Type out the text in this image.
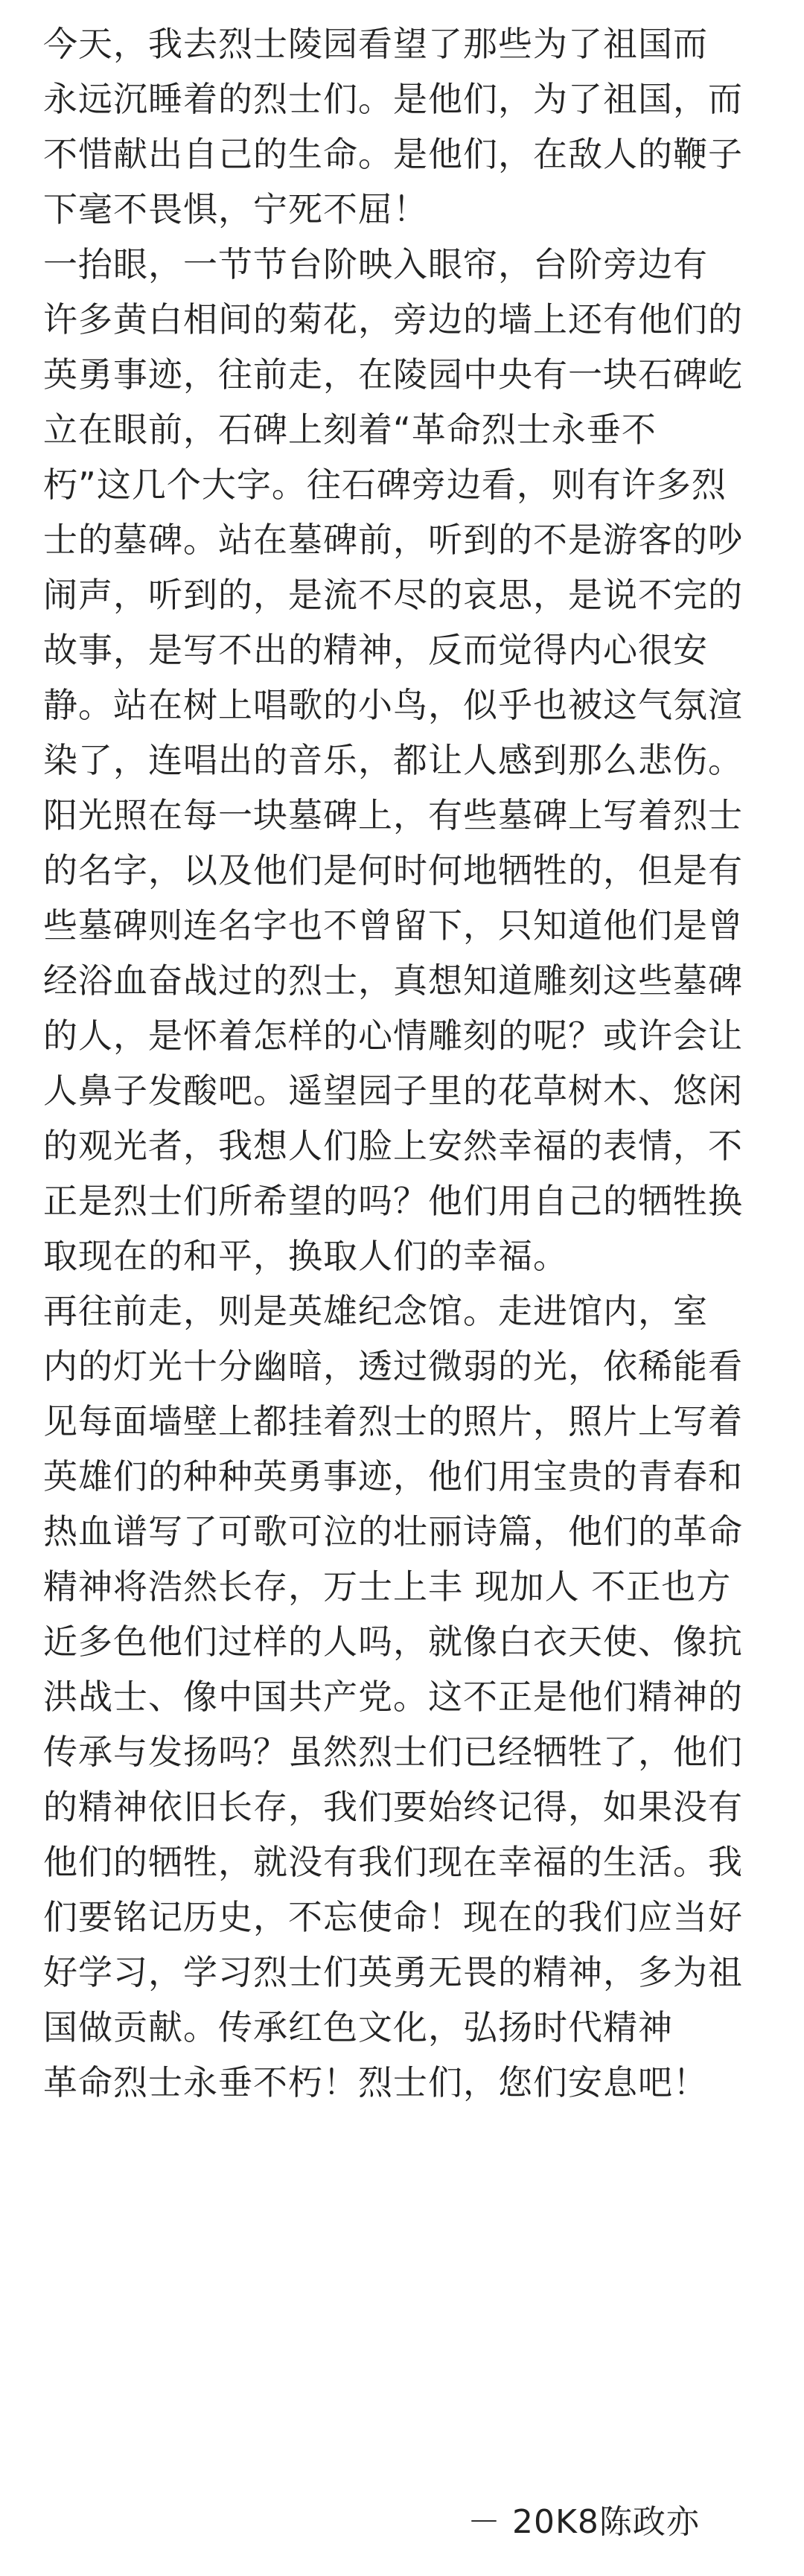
今天，我去烈士陵园看望了那些为了祖国而
永远沉睡着的烈士们。是他们，为了祖国，而
不惜献出自己的生命。是他们，在敌人的鞭子
下毫不畏惧，宁死不屈！
一抬眼，一节节台阶映入眼帘，台阶旁边有
许多黄白相间的菊花，旁边的墙上还有他们的
英勇事迹，往前走，在陵园中央有一块石碑屹
立在眼前，石碑上刻着“革命烈士永垂不
朽”这几个大字。往石碑旁边看，则有许多烈
士的墓碑。站在墓碑前，听到的不是游客的吵
闹声，听到的，是流不尽的哀思，是说不完的
故事，是写不出的精神，反而觉得内心很安
静。站在树上唱歌的小鸟，似乎也被这气氛渲
染了，连唱出的音乐，都让人感到那么悲伤。
阳光照在每一块墓碑上，有些墓碑上写着烈士
的名字，以及他们是何时何地牺牲的，但是有
些墓碑则连名字也不曾留下，只知道他们是曾
经浴血奋战过的烈士，真想知道雕刻这些墓碑
的人，是怀着怎样的心情雕刻的呢？或许会让
人鼻子发酸吧。遥望园子里的花草树木、悠闲
的观光者，我想人们脸上安然幸福的表情，不
正是烈士们所希望的吗？他们用自己的牺牲换
取现在的和平，换取人们的幸福。
再往前走，则是英雄纪念馆。走进馆内，室
内的灯光十分幽暗，透过微弱的光，依稀能看
见每面墙壁上都挂着烈士的照片，照片上写着
英雄们的种种英勇事迹，他们用宝贵的青春和
热血谱写了可歌可泣的壮丽诗篇，他们的革命
精神将浩然长存，万士上丰 现加人 不正也方
近多色他们过样的人吗，就像白衣天使、像抗
洪战士、像中国共产党。这不正是他们精神的
传承与发扬吗？虽然烈士们已经牺牲了，他们
的精神依旧长存，我们要始终记得，如果没有
他们的牺牲，就没有我们现在幸福的生活。我
们要铭记历史，不忘使命！现在的我们应当好
好学习，学习烈士们英勇无畏的精神，多为祖
国做贡献。传承红色文化，弘扬时代精神
革命烈士永垂不朽！烈士们，您们安息吧！
－ 20K8陈政亦
